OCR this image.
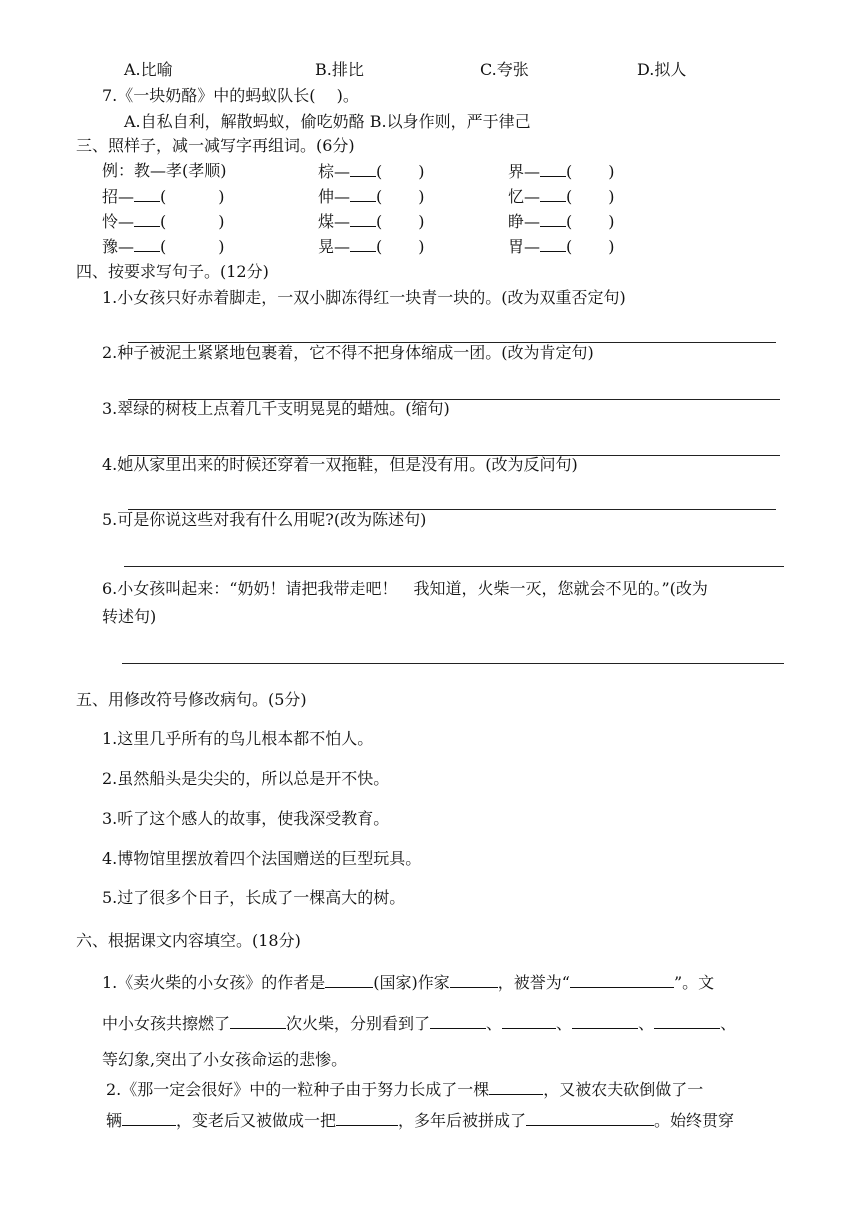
A.比喻	B.排比	C.夸张	D.拟人
7.《一块奶酪》中的蚂蚁队长(　 )。
A.自私自利，解散蚂蚁，偷吃奶酪 B.以身作则，严于律己
三、照样子，减一减写字再组词。(6分)
例：教—孝(孝顺)	棕— ( )	界— ( )
招— (	)	伸— ( )	忆— ( )
怜— (	)	煤— ( )	睁— ( )
豫— (	)	晃— ( )	胃— ( )
四、按要求写句子。(12分)
1.小女孩只好赤着脚走，一双小脚冻得红一块青一块的。(改为双重否定句)
2.种子被泥土紧紧地包裹着，它不得不把身体缩成一团。(改为肯定句)
3.翠绿的树枝上点着几千支明晃晃的蜡烛。(缩句)
4.她从家里出来的时候还穿着一双拖鞋，但是没有用。(改为反问句)
5.可是你说这些对我有什么用呢?(改为陈述句)
6.小女孩叫起来：“奶奶！请把我带走吧！　我知道，火柴一灭，您就会不见的。”(改为
转述句)
五、用修改符号修改病句。(5分)
1.这里几乎所有的鸟儿根本都不怕人。
2.虽然船头是尖尖的，所以总是开不快。
3.听了这个感人的故事，使我深受教育。
4.博物馆里摆放着四个法国赠送的巨型玩具。
5.过了很多个日子，长成了一棵高大的树。
六、根据课文内容填空。(18分)
1.《卖火柴的小女孩》的作者是	(国家)作家	，被誉为“	”。文
中小女孩共擦燃了	次火柴，分别看到了	、	、	、	、
等幻象,突出了小女孩命运的悲惨。
2.《那一定会很好》中的一粒种子由于努力长成了一棵	，又被农夫砍倒做了一
辆	，变老后又被做成一把	，多年后被拼成了	。始终贯穿
